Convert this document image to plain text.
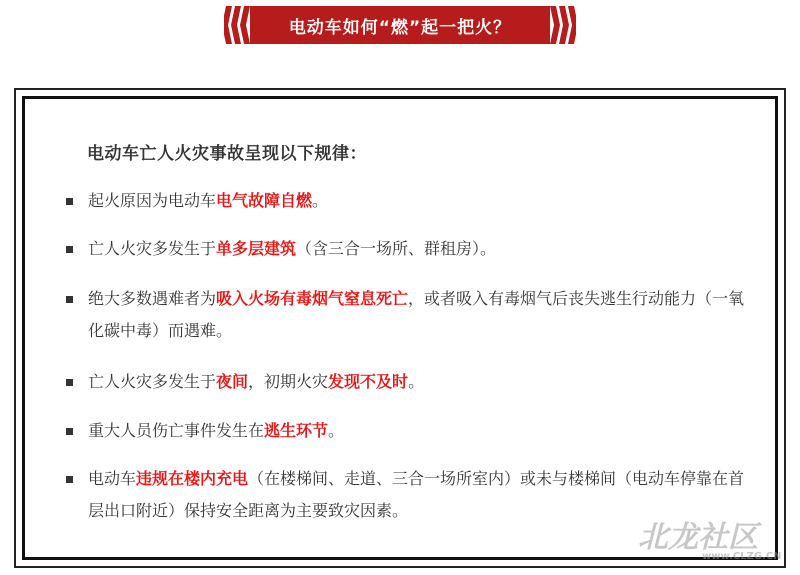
电动车如何“燃”起一把火？
电动车亡人火灾事故呈现以下规律：
起火原因为电动车电气故障自燃。
亡人火灾多发生于单多层建筑（含三合一场所、群租房）。
绝大多数遇难者为吸入火场有毒烟气窒息死亡，或者吸入有毒烟气后丧失逃生行动能力（一氧化碳中毒）而遇难。
亡人火灾多发生于夜间，初期火灾发现不及时。
重大人员伤亡事件发生在逃生环节。
电动车违规在楼内充电（在楼梯间、走道、三合一场所室内）或未与楼梯间（电动车停靠在首层出口附近）保持安全距离为主要致灾因素。
北龙社区
www.CLZG.CN
